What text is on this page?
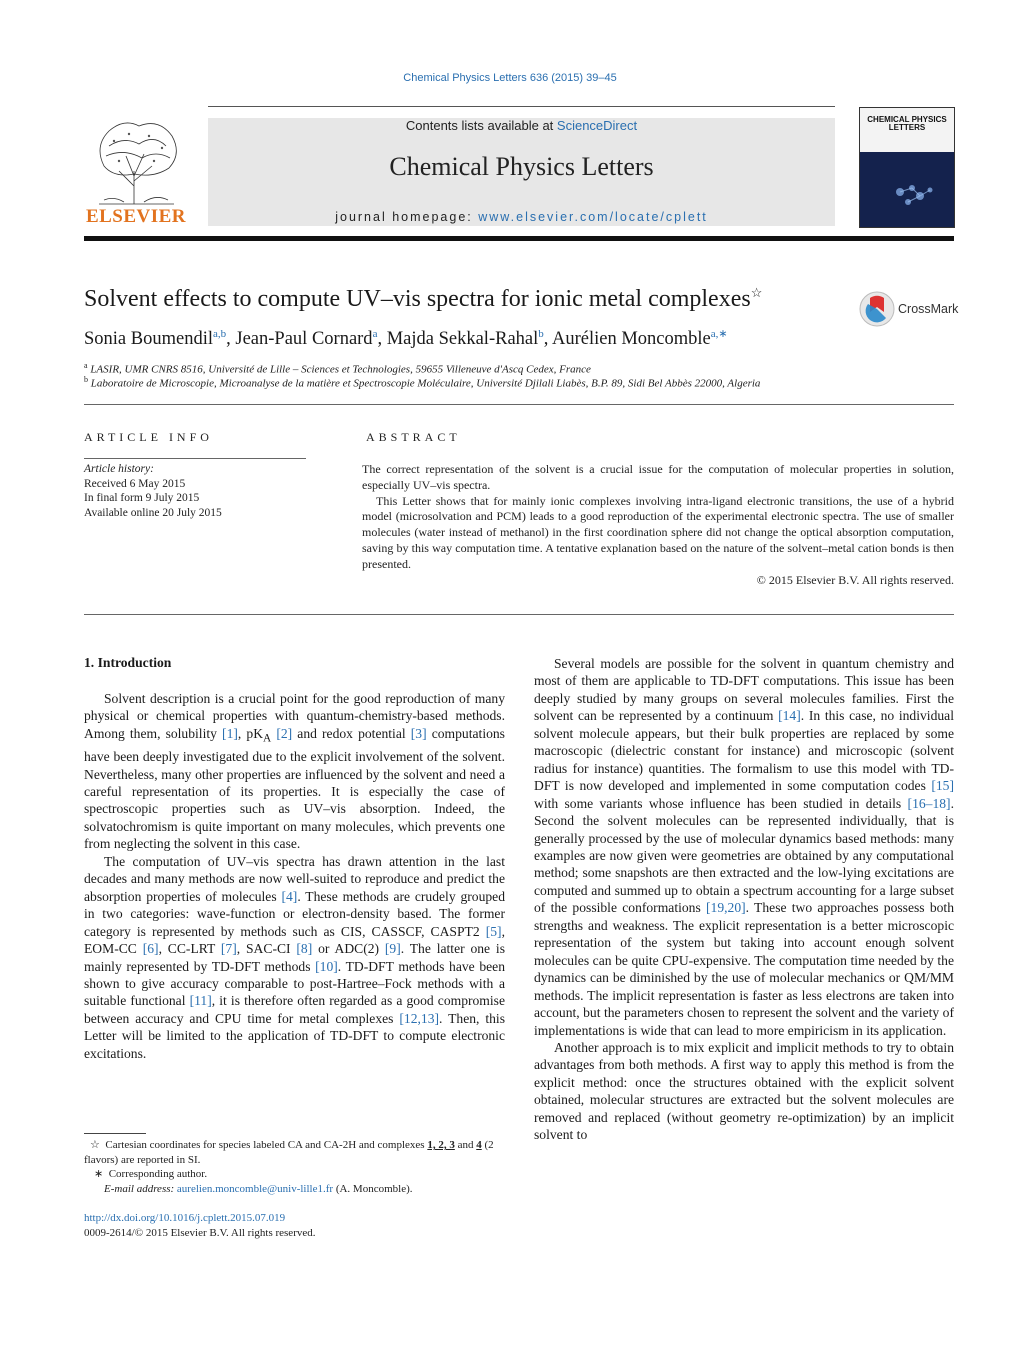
Chemical Physics Letters 636 (2015) 39–45
ELSEVIER
Contents lists available at ScienceDirect
Chemical Physics Letters
journal homepage: www.elsevier.com/locate/cplett
CHEMICAL PHYSICS LETTERS
Solvent effects to compute UV–vis spectra for ionic metal complexes☆
CrossMark
Sonia Boumendil$^{a,b}$, Jean-Paul Cornard$^a$, Majda Sekkal-Rahal$^b$, Aurélien Moncomble$^{a,∗}$
$^a$ LASIR, UMR CNRS 8516, Université de Lille – Sciences et Technologies, 59655 Villeneuve d'Ascq Cedex, France
$^b$ Laboratoire de Microscopie, Microanalyse de la matière et Spectroscopie Moléculaire, Université Djilali Liabès, B.P. 89, Sidi Bel Abbès 22000, Algeria
ARTICLE INFO
Article history:
Received 6 May 2015
In final form 9 July 2015
Available online 20 July 2015
ABSTRACT

The correct representation of the solvent is a crucial issue for the computation of molecular properties in solution, especially UV–vis spectra.

This Letter shows that for mainly ionic complexes involving intra-ligand electronic transitions, the use of a hybrid model (microsolvation and PCM) leads to a good reproduction of the experimental electronic spectra. The use of smaller molecules (water instead of methanol) in the first coordination sphere did not change the optical absorption computation, saving by this way computation time. A tentative explanation based on the nature of the solvent–metal cation bonds is then presented.

© 2015 Elsevier B.V. All rights reserved.

1. Introduction

Solvent description is a crucial point for the good reproduction of many physical or chemical properties with quantum-chemistry-based methods. Among them, solubility [1], $pK_A$ [2] and redox potential [3] computations have been deeply investigated due to the explicit involvement of the solvent. Nevertheless, many other properties are influenced by the solvent and need a careful representation of its properties. It is especially the case of spectroscopic properties such as UV–vis absorption. Indeed, the solvatochromism is quite important on many molecules, which prevents one from neglecting the solvent in this case.

The computation of UV–vis spectra has drawn attention in the last decades and many methods are now well-suited to reproduce and predict the absorption properties of molecules [4]. These methods are crudely grouped in two categories: wave-function or electron-density based. The former category is represented by methods such as CIS, CASSCF, CASPT2 [5], EOM-CC [6], CC-LRT [7], SAC-CI [8] or ADC(2) [9]. The latter one is mainly represented by TD-DFT methods [10]. TD-DFT methods have been shown to give accuracy comparable to post-Hartree–Fock methods with a suitable functional [11], it is therefore often regarded as a good compromise between accuracy and CPU time for metal complexes [12,13]. Then, this Letter will be limited to the application of TD-DFT to compute electronic excitations.

Several models are possible for the solvent in quantum chemistry and most of them are applicable to TD-DFT computations. This issue has been deeply studied by many groups on several molecules families. First the solvent can be represented by a continuum [14]. In this case, no individual solvent molecule appears, but their bulk properties are replaced by some macroscopic (dielectric constant for instance) and microscopic (solvent radius for instance) quantities. The formalism to use this model with TD-DFT is now developed and implemented in some computation codes [15] with some variants whose influence has been studied in details [16–18]. Second the solvent molecules can be represented individually, that is generally processed by the use of molecular dynamics based methods: many examples are now given were geometries are obtained by any computational method; some snapshots are then extracted and the low-lying excitations are computed and summed up to obtain a spectrum accounting for a large subset of the possible conformations [19,20]. These two approaches possess both strengths and weakness. The explicit representation is a better microscopic representation of the system but taking into account enough solvent molecules can be quite CPU-expensive. The computation time needed by the dynamics can be diminished by the use of molecular mechanics or QM/MM methods. The implicit representation is faster as less electrons are taken into account, but the parameters chosen to represent the solvent and the variety of implementations is wide that can lead to more empiricism in its application.

Another approach is to mix explicit and implicit methods to try to obtain advantages from both methods. A first way to apply this method is from the explicit method: once the structures obtained with the explicit solvent obtained, molecular structures are extracted but the solvent molecules are removed and replaced (without geometry re-optimization) by an implicit solvent to

☆ Cartesian coordinates for species labeled CA and CA-2H and complexes 1, 2, 3 and 4 (2 flavors) are reported in SI.

∗  Corresponding author.

E-mail address: aurelien.moncomble@univ-lille1.fr (A. Moncomble).

http://dx.doi.org/10.1016/j.cplett.2015.07.019
0009-2614/© 2015 Elsevier B.V. All rights reserved.
